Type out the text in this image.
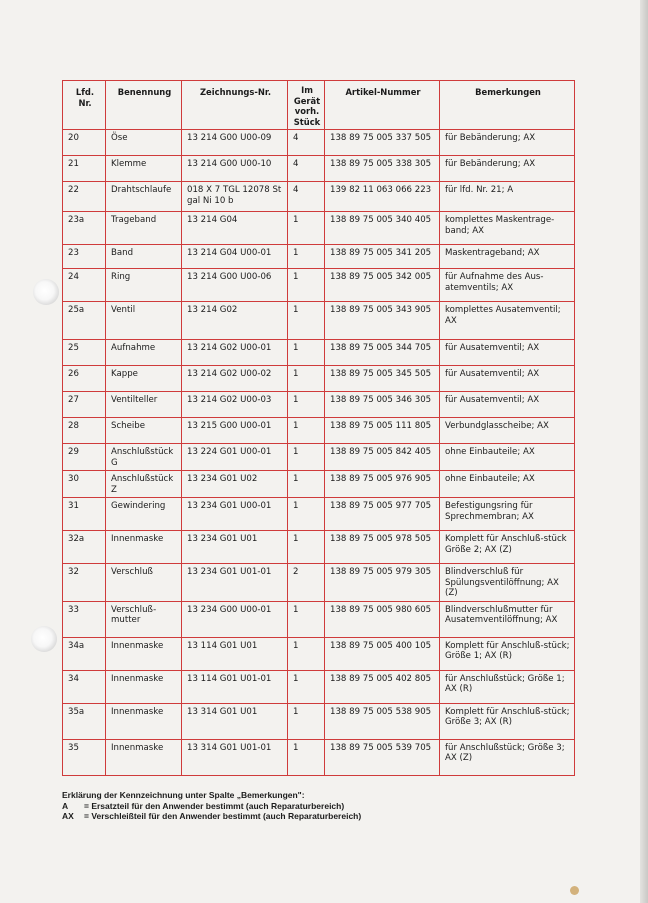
Lfd. Nr.	Benennung	Zeichnungs-Nr.	Im Gerät vorh. Stück	Artikel-Nummer	Bemerkungen
20	Öse	13 214 G00 U00-09	4	138 89 75 005 337 505	für Bebänderung; AX
21	Klemme	13 214 G00 U00-10	4	138 89 75 005 338 305	für Bebänderung; AX
22	Drahtschlaufe	018 X 7 TGL 12078 St gal Ni 10 b	4	139 82 11 063 066 223	für lfd. Nr. 21; A
23a	Trageband	13 214 G04	1	138 89 75 005 340 405	komplettes Maskentrage-band; AX
23	Band	13 214 G04 U00-01	1	138 89 75 005 341 205	Maskentrageband; AX
24	Ring	13 214 G00 U00-06	1	138 89 75 005 342 005	für Aufnahme des Aus-atemventils; AX
25a	Ventil	13 214 G02	1	138 89 75 005 343 905	komplettes Ausatemventil; AX
25	Aufnahme	13 214 G02 U00-01	1	138 89 75 005 344 705	für Ausatemventil; AX
26	Kappe	13 214 G02 U00-02	1	138 89 75 005 345 505	für Ausatemventil; AX
27	Ventilteller	13 214 G02 U00-03	1	138 89 75 005 346 305	für Ausatemventil; AX
28	Scheibe	13 215 G00 U00-01	1	138 89 75 005 111 805	Verbundglasscheibe; AX
29	Anschlußstück G	13 224 G01 U00-01	1	138 89 75 005 842 405	ohne Einbauteile; AX
30	Anschlußstück Z	13 234 G01 U02	1	138 89 75 005 976 905	ohne Einbauteile; AX
31	Gewindering	13 234 G01 U00-01	1	138 89 75 005 977 705	Befestigungsring für Sprechmembran; AX
32a	Innenmaske	13 234 G01 U01	1	138 89 75 005 978 505	Komplett für Anschluß-stück Größe 2; AX (Z)
32	Verschluß	13 234 G01 U01-01	2	138 89 75 005 979 305	Blindverschluß für Spülungsventilöffnung; AX (Z)
33	Verschluß-mutter	13 234 G00 U00-01	1	138 89 75 005 980 605	Blindverschlußmutter für Ausatemventilöffnung; AX
34a	Innenmaske	13 114 G01 U01	1	138 89 75 005 400 105	Komplett für Anschluß-stück; Größe 1; AX (R)
34	Innenmaske	13 114 G01 U01-01	1	138 89 75 005 402 805	für Anschlußstück; Größe 1; AX (R)
35a	Innenmaske	13 314 G01 U01	1	138 89 75 005 538 905	Komplett für Anschluß-stück; Größe 3; AX (R)
35	Innenmaske	13 314 G01 U01-01	1	138 89 75 005 539 705	für Anschlußstück; Größe 3; AX (Z)
Erklärung der Kennzeichnung unter Spalte „Bemerkungen":
A	= Ersatzteil für den Anwender bestimmt (auch Reparaturbereich)
AX	= Verschleißteil für den Anwender bestimmt (auch Reparaturbereich)
